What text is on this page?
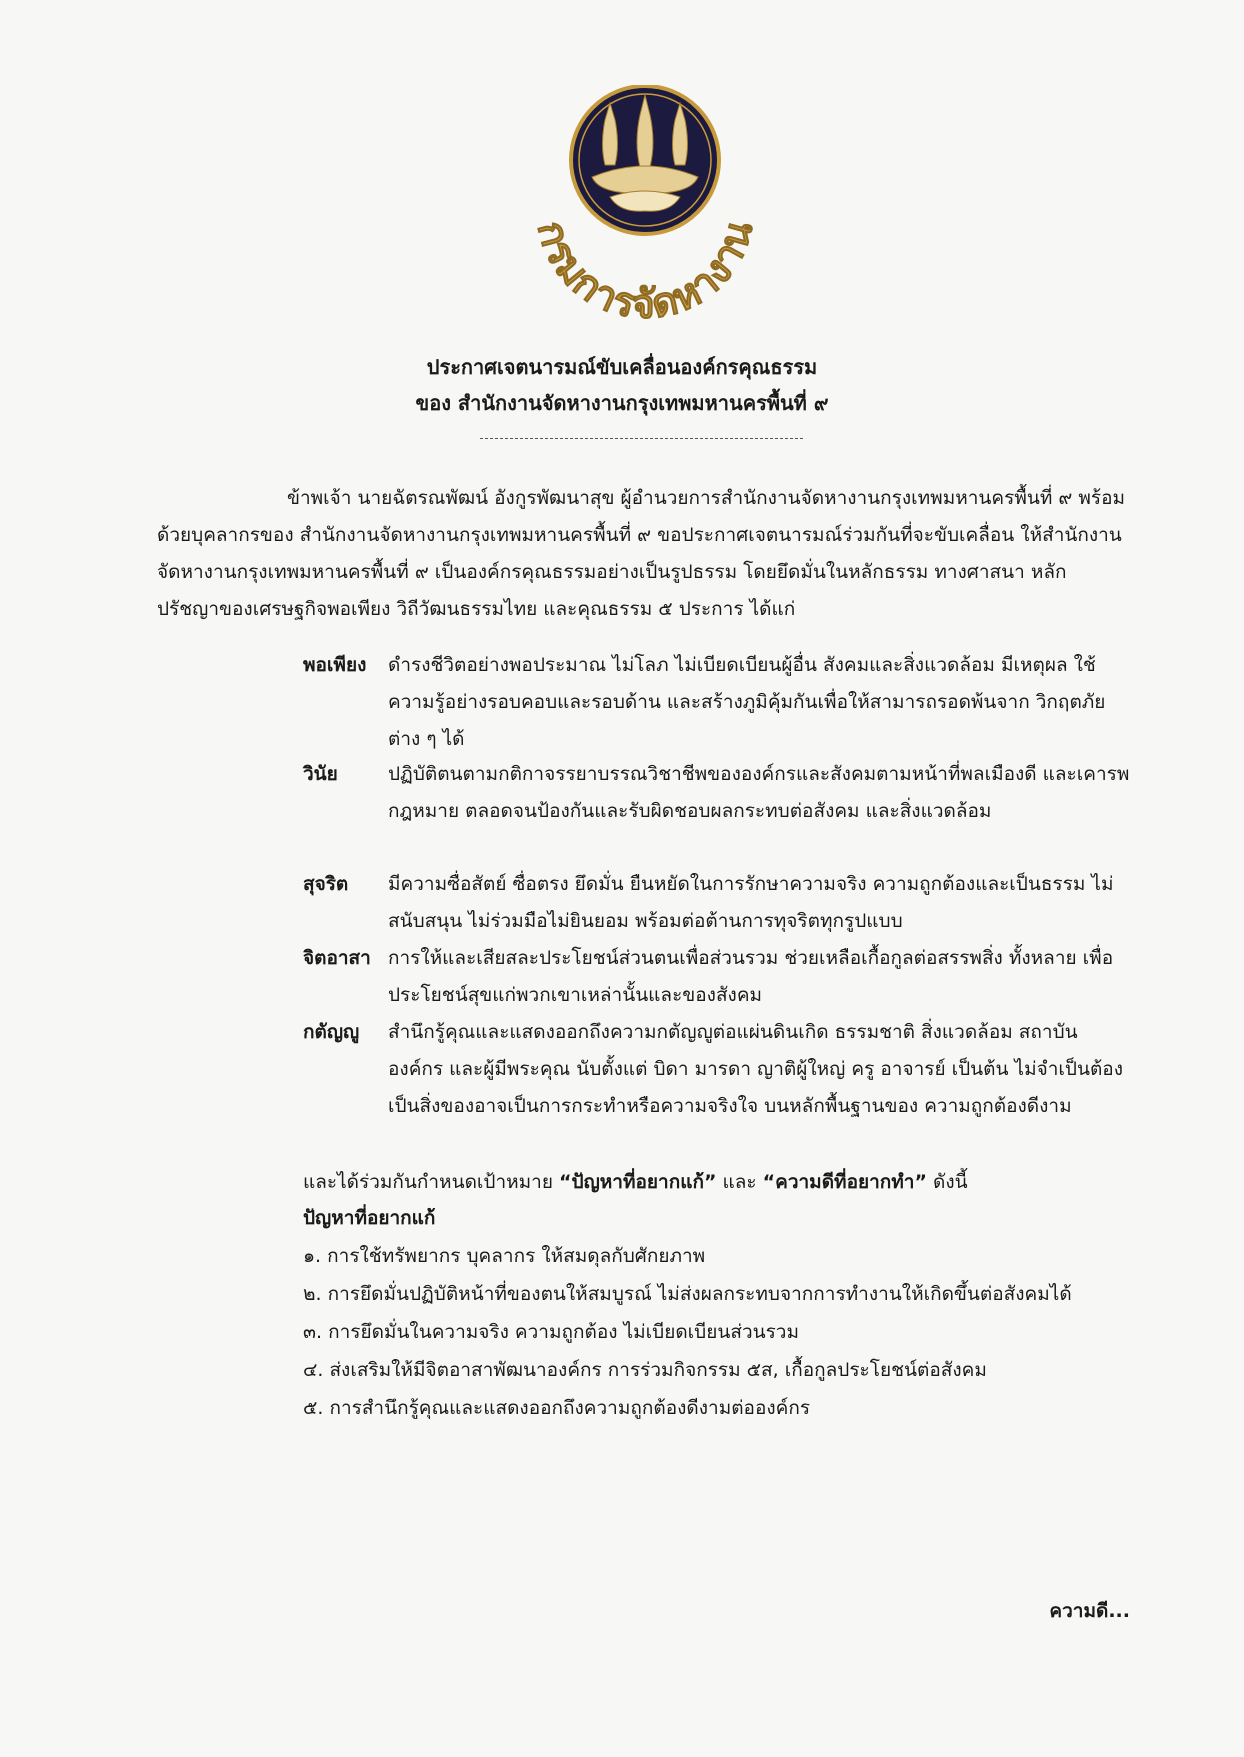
กรมการจัดหางาน
ประกาศเจตนารมณ์ขับเคลื่อนองค์กรคุณธรรม
ของ สำนักงานจัดหางานกรุงเทพมหานครพื้นที่ ๙
ข้าพเจ้า นายฉัตรณพัฒน์ อังกูรพัฒนาสุข ผู้อำนวยการสำนักงานจัดหางานกรุงเทพมหานครพื้นที่ ๙ พร้อมด้วยบุคลากรของ สำนักงานจัดหางานกรุงเทพมหานครพื้นที่ ๙ ขอประกาศเจตนารมณ์ร่วมกันที่จะขับเคลื่อน ให้สำนักงานจัดหางานกรุงเทพมหานครพื้นที่ ๙ เป็นองค์กรคุณธรรมอย่างเป็นรูปธรรม โดยยึดมั่นในหลักธรรม ทางศาสนา หลักปรัชญาของเศรษฐกิจพอเพียง วิถีวัฒนธรรมไทย และคุณธรรม ๕ ประการ ได้แก่
พอเพียง	ดำรงชีวิตอย่างพอประมาณ ไม่โลภ ไม่เบียดเบียนผู้อื่น สังคมและสิ่งแวดล้อม มีเหตุผล ใช้ความรู้อย่างรอบคอบและรอบด้าน และสร้างภูมิคุ้มกันเพื่อให้สามารถรอดพ้นจาก วิกฤตภัยต่าง ๆ ได้
วินัย	ปฏิบัติตนตามกติกาจรรยาบรรณวิชาชีพขององค์กรและสังคมตามหน้าที่พลเมืองดี และเคารพกฎหมาย ตลอดจนป้องกันและรับผิดชอบผลกระทบต่อสังคม และสิ่งแวดล้อม
สุจริต	มีความซื่อสัตย์ ซื่อตรง ยึดมั่น ยืนหยัดในการรักษาความจริง ความถูกต้องและเป็นธรรม ไม่สนับสนุน ไม่ร่วมมือไม่ยินยอม พร้อมต่อต้านการทุจริตทุกรูปแบบ
จิตอาสา การให้และเสียสละประโยชน์ส่วนตนเพื่อส่วนรวม ช่วยเหลือเกื้อกูลต่อสรรพสิ่ง ทั้งหลาย เพื่อประโยชน์สุขแก่พวกเขาเหล่านั้นและของสังคม
กตัญญู	สำนึกรู้คุณและแสดงออกถึงความกตัญญูต่อแผ่นดินเกิด ธรรมชาติ สิ่งแวดล้อม สถาบัน องค์กร และผู้มีพระคุณ นับตั้งแต่ บิดา มารดา ญาติผู้ใหญ่ ครู อาจารย์ เป็นต้น ไม่จำเป็นต้องเป็นสิ่งของอาจเป็นการกระทำหรือความจริงใจ บนหลักพื้นฐานของ ความถูกต้องดีงาม
และได้ร่วมกันกำหนดเป้าหมาย “ปัญหาที่อยากแก้” และ “ความดีที่อยากทำ” ดังนี้
ปัญหาที่อยากแก้
๑. การใช้ทรัพยากร บุคลากร ให้สมดุลกับศักยภาพ
๒. การยึดมั่นปฏิบัติหน้าที่ของตนให้สมบูรณ์ ไม่ส่งผลกระทบจากการทำงานให้เกิดขึ้นต่อสังคมได้
๓. การยึดมั่นในความจริง ความถูกต้อง ไม่เบียดเบียนส่วนรวม
๔. ส่งเสริมให้มีจิตอาสาพัฒนาองค์กร การร่วมกิจกรรม ๕ส, เกื้อกูลประโยชน์ต่อสังคม
๕. การสำนึกรู้คุณและแสดงออกถึงความถูกต้องดีงามต่อองค์กร
ความดี...
